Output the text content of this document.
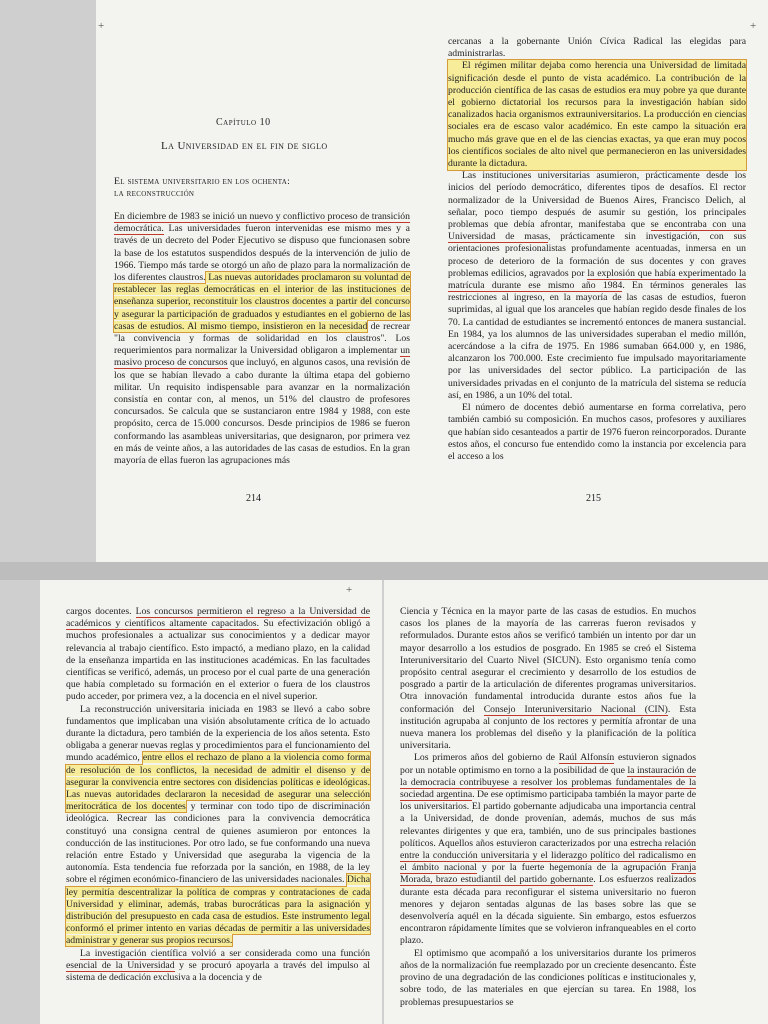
+
Capítulo 10
La Universidad en el fin de siglo
El sistema universitario en los ochenta:
la reconstrucción

En diciembre de 1983 se inició un nuevo y conflictivo proceso de transición democrática. Las universidades fueron intervenidas ese mismo mes y a través de un decreto del Poder Ejecutivo se dispuso que funcionasen sobre la base de los estatutos suspendidos después de la intervención de julio de 1966. Tiempo más tarde se otorgó un año de plazo para la normalización de los diferentes claustros. Las nuevas autoridades proclamaron su voluntad de restablecer las reglas democráticas en el interior de las instituciones de enseñanza superior, reconstituir los claustros docentes a partir del concurso y asegurar la participación de graduados y estudiantes en el gobierno de las casas de estudios. Al mismo tiempo, insistieron en la necesidad de recrear "la convivencia y formas de solidaridad en los claustros". Los requerimientos para normalizar la Universidad obligaron a implementar un masivo proceso de concursos que incluyó, en algunos casos, una revisión de los que se habían llevado a cabo durante la última etapa del gobierno militar. Un requisito indispensable para avanzar en la normalización consistía en contar con, al menos, un 51% del claustro de profesores concursados. Se calcula que se sustanciaron entre 1984 y 1988, con este propósito, cerca de 15.000 concursos. Desde principios de 1986 se fueron conformando las asambleas universitarias, que designaron, por primera vez en más de veinte años, a las autoridades de las casas de estudios. En la gran mayoría de ellas fueron las agrupaciones más

214
+

cercanas a la gobernante Unión Cívica Radical las elegidas para administrarlas.

El régimen militar dejaba como herencia una Universidad de limitada significación desde el punto de vista académico. La contribución de la producción científica de las casas de estudios era muy pobre ya que durante el gobierno dictatorial los recursos para la investigación habían sido canalizados hacia organismos extrauniversitarios. La producción en ciencias sociales era de escaso valor académico. En este campo la situación era mucho más grave que en el de las ciencias exactas, ya que eran muy pocos los científicos sociales de alto nivel que permanecieron en las universidades durante la dictadura.

Las instituciones universitarias asumieron, prácticamente desde los inicios del período democrático, diferentes tipos de desafíos. El rector normalizador de la Universidad de Buenos Aires, Francisco Delich, al señalar, poco tiempo después de asumir su gestión, los principales problemas que debía afrontar, manifestaba que se encontraba con una Universidad de masas, prácticamente sin investigación, con sus orientaciones profesionalistas profundamente acentuadas, inmersa en un proceso de deterioro de la formación de sus docentes y con graves problemas edilicios, agravados por la explosión que había experimentado la matrícula durante ese mismo año 1984. En términos generales las restricciones al ingreso, en la mayoría de las casas de estudios, fueron suprimidas, al igual que los aranceles que habían regido desde finales de los 70. La cantidad de estudiantes se incrementó entonces de manera sustancial. En 1984, ya los alumnos de las universidades superaban el medio millón, acercándose a la cifra de 1975. En 1986 sumaban 664.000 y, en 1986, alcanzaron los 700.000. Este crecimiento fue impulsado mayoritariamente por las universidades del sector público. La participación de las universidades privadas en el conjunto de la matrícula del sistema se reducía así, en 1986, a un 10% del total.

El número de docentes debió aumentarse en forma correlativa, pero también cambió su composición. En muchos casos, profesores y auxiliares que habían sido cesanteados a partir de 1976 fueron reincorporados. Durante estos años, el concurso fue entendido como la instancia por excelencia para el acceso a los

215
+

cargos docentes. Los concursos permitieron el regreso a la Universidad de académicos y científicos altamente capacitados. Su efectivización obligó a muchos profesionales a actualizar sus conocimientos y a dedicar mayor relevancia al trabajo científico. Esto impactó, a mediano plazo, en la calidad de la enseñanza impartida en las instituciones académicas. En las facultades científicas se verificó, además, un proceso por el cual parte de una generación que había completado su formación en el exterior o fuera de los claustros pudo acceder, por primera vez, a la docencia en el nivel superior.

La reconstrucción universitaria iniciada en 1983 se llevó a cabo sobre fundamentos que implicaban una visión absolutamente crítica de lo actuado durante la dictadura, pero también de la experiencia de los años setenta. Esto obligaba a generar nuevas reglas y procedimientos para el funcionamiento del mundo académico, entre ellos el rechazo de plano a la violencia como forma de resolución de los conflictos, la necesidad de admitir el disenso y de asegurar la convivencia entre sectores con disidencias políticas e ideológicas. Las nuevas autoridades declararon la necesidad de asegurar una selección meritocrática de los docentes y terminar con todo tipo de discriminación ideológica. Recrear las condiciones para la convivencia democrática constituyó una consigna central de quienes asumieron por entonces la conducción de las instituciones. Por otro lado, se fue conformando una nueva relación entre Estado y Universidad que aseguraba la vigencia de la autonomía. Esta tendencia fue reforzada por la sanción, en 1988, de la ley sobre el régimen económico-financiero de las universidades nacionales. Dicha ley permitía descentralizar la política de compras y contrataciones de cada Universidad y eliminar, además, trabas burocráticas para la asignación y distribución del presupuesto en cada casa de estudios. Este instrumento legal conformó el primer intento en varias décadas de permitir a las universidades administrar y generar sus propios recursos.

La investigación científica volvió a ser considerada como una función esencial de la Universidad y se procuró apoyarla a través del impulso al sistema de dedicación exclusiva a la docencia y de

Ciencia y Técnica en la mayor parte de las casas de estudios. En muchos casos los planes de la mayoría de las carreras fueron revisados y reformulados. Durante estos años se verificó también un intento por dar un mayor desarrollo a los estudios de posgrado. En 1985 se creó el Sistema Interuniversitario del Cuarto Nivel (SICUN). Esto organismo tenía como propósito central asegurar el crecimiento y desarrollo de los estudios de posgrado a partir de la articulación de diferentes programas universitarios. Otra innovación fundamental introducida durante estos años fue la conformación del Consejo Interuniversitario Nacional (CIN). Esta institución agrupaba al conjunto de los rectores y permitía afrontar de una nueva manera los problemas del diseño y la planificación de la política universitaria.

Los primeros años del gobierno de Raúl Alfonsín estuvieron signados por un notable optimismo en torno a la posibilidad de que la instauración de la democracia contribuyese a resolver los problemas fundamentales de la sociedad argentina. De ese optimismo participaba también la mayor parte de los universitarios. El partido gobernante adjudicaba una importancia central a la Universidad, de donde provenían, además, muchos de sus más relevantes dirigentes y que era, también, uno de sus principales bastiones políticos. Aquellos años estuvieron caracterizados por una estrecha relación entre la conducción universitaria y el liderazgo político del radicalismo en el ámbito nacional y por la fuerte hegemonía de la agrupación Franja Morada, brazo estudiantil del partido gobernante. Los esfuerzos realizados durante esta década para reconfigurar el sistema universitario no fueron menores y dejaron sentadas algunas de las bases sobre las que se desenvolvería aquél en la década siguiente. Sin embargo, estos esfuerzos encontraron rápidamente límites que se volvieron infranqueables en el corto plazo.

El optimismo que acompañó a los universitarios durante los primeros años de la normalización fue reemplazado por un creciente desencanto. Éste provino de una degradación de las condiciones políticas e institucionales y, sobre todo, de las materiales en que ejercían su tarea. En 1988, los problemas presupuestarios se
